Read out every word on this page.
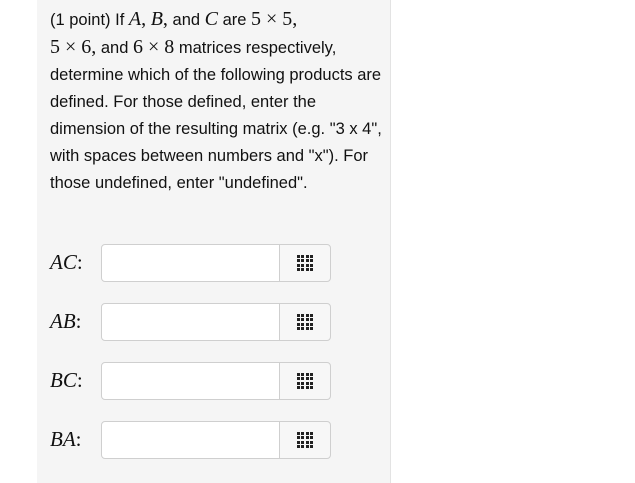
(1 point) If A, B, and C are 5 × 5,
5 × 6, and 6 × 8 matrices respectively, determine which of the following products are defined. For those defined, enter the dimension of the resulting matrix (e.g. "3 x 4", with spaces between numbers and "x"). For those undefined, enter "undefined".
AC:
AB:
BC:
BA:
